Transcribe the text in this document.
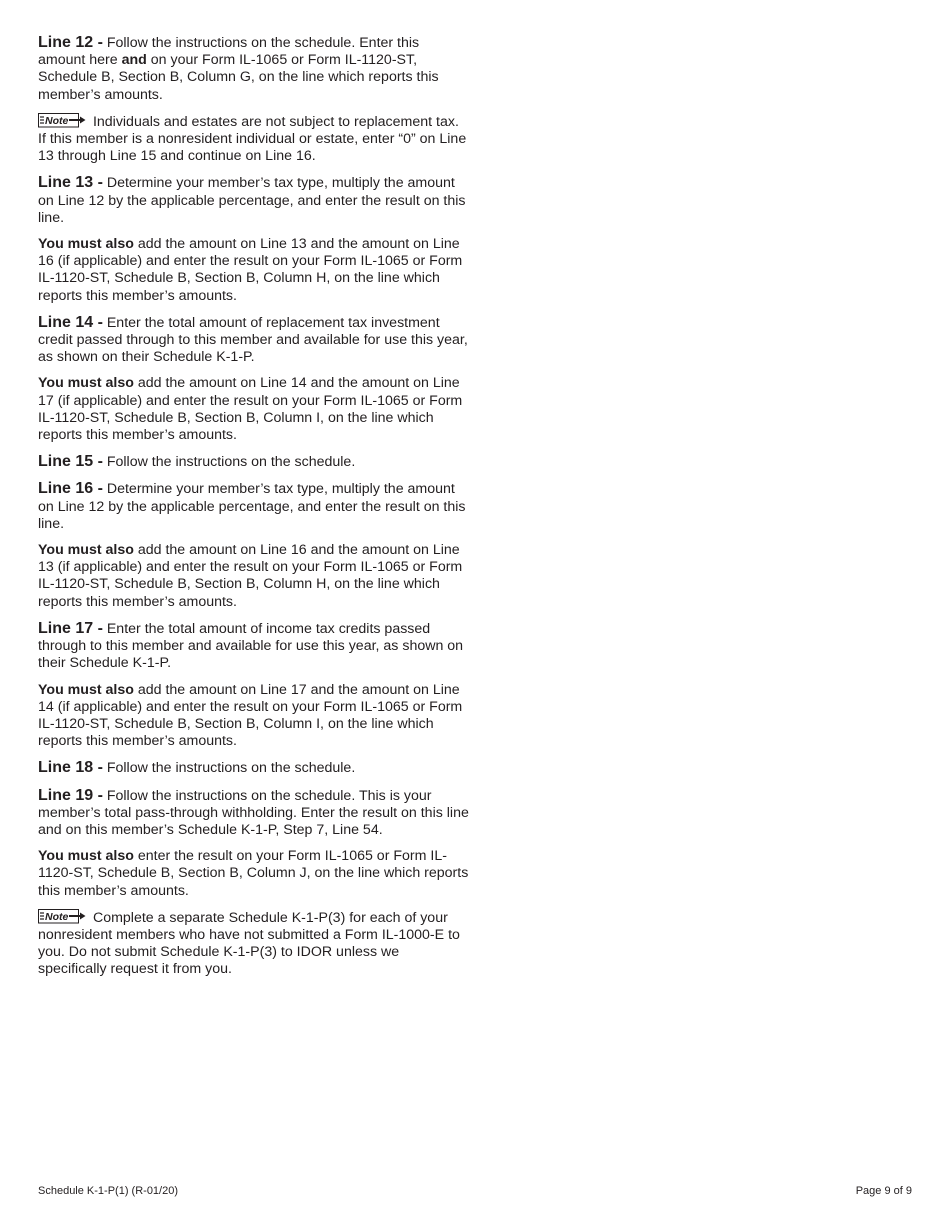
Line 12 - Follow the instructions on the schedule. Enter this amount here and on your Form IL-1065 or Form IL-1120-ST, Schedule B, Section B, Column G, on the line which reports this member’s amounts.

Note Individuals and estates are not subject to replacement tax. If this member is a nonresident individual or estate, enter “0” on Line 13 through Line 15 and continue on Line 16.

Line 13 - Determine your member’s tax type, multiply the amount on Line 12 by the applicable percentage, and enter the result on this line.

You must also add the amount on Line 13 and the amount on Line 16 (if applicable) and enter the result on your Form IL-1065 or Form IL-1120-ST, Schedule B, Section B, Column H, on the line which reports this member’s amounts.

Line 14 - Enter the total amount of replacement tax investment credit passed through to this member and available for use this year, as shown on their Schedule K-1-P.

You must also add the amount on Line 14 and the amount on Line 17 (if applicable) and enter the result on your Form IL-1065 or Form IL-1120-ST, Schedule B, Section B, Column I, on the line which reports this member’s amounts.

Line 15 - Follow the instructions on the schedule.

Line 16 - Determine your member’s tax type, multiply the amount on Line 12 by the applicable percentage, and enter the result on this line.

You must also add the amount on Line 16 and the amount on Line 13 (if applicable) and enter the result on your Form IL-1065 or Form IL-1120-ST, Schedule B, Section B, Column H, on the line which reports this member’s amounts.

Line 17 - Enter the total amount of income tax credits passed through to this member and available for use this year, as shown on their Schedule K-1-P.

You must also add the amount on Line 17 and the amount on Line 14 (if applicable) and enter the result on your Form IL-1065 or Form IL-1120-ST, Schedule B, Section B, Column I, on the line which reports this member’s amounts.

Line 18 - Follow the instructions on the schedule.

Line 19 - Follow the instructions on the schedule. This is your member’s total pass-through withholding. Enter the result on this line and on this member’s Schedule K-1-P, Step 7, Line 54.

You must also enter the result on your Form IL-1065 or Form IL-1120-ST, Schedule B, Section B, Column J, on the line which reports this member’s amounts.

Note Complete a separate Schedule K-1-P(3) for each of your nonresident members who have not submitted a Form IL-1000-E to you. Do not submit Schedule K-1-P(3) to IDOR unless we specifically request it from you.

Schedule K-1-P(1) (R-01/20)	Page 9 of 9
